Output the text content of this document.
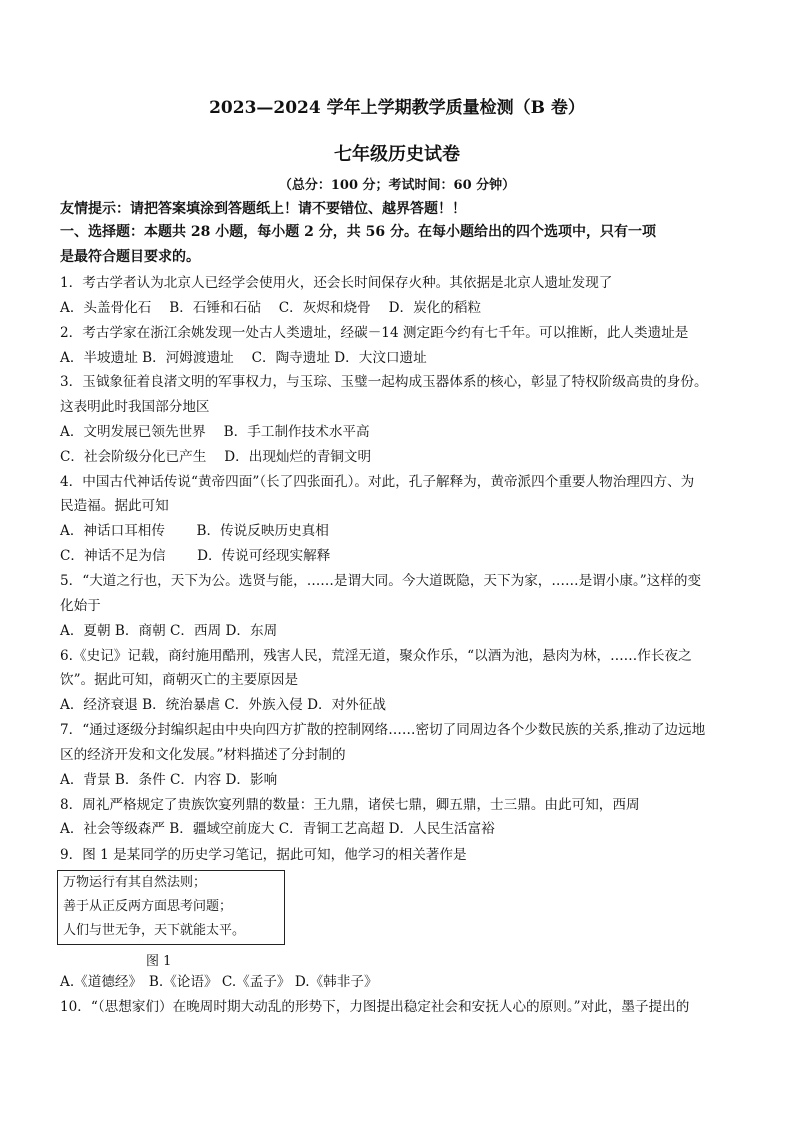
2023—2024 学年上学期教学质量检测（B 卷）
七年级历史试卷
（总分：100 分；考试时间：60 分钟）
友情提示：请把答案填涂到答题纸上！请不要错位、越界答题！！
一、选择题：本题共 28 小题，每小题 2 分，共 56 分。在每小题给出的四个选项中，只有一项
是最符合题目要求的。
1．考古学者认为北京人已经学会使用火，还会长时间保存火种。其依据是北京人遗址发现了
A．头盖骨化石　 B．石锤和石砧　 C．灰烬和烧骨　 D．炭化的稻粒
2．考古学家在浙江余姚发现一处古人类遗址，经碳－14 测定距今约有七千年。可以推断，此人类遗址是
A．半坡遗址 B．河姆渡遗址　 C．陶寺遗址 D．大汶口遗址
3．玉钺象征着良渚文明的军事权力，与玉琮、玉璧一起构成玉器体系的核心，彰显了特权阶级高贵的身份。
这表明此时我国部分地区
A．文明发展已领先世界　 B．手工制作技术水平高
C．社会阶级分化已产生　 D．出现灿烂的青铜文明
4．中国古代神话传说“黄帝四面”（长了四张面孔）。对此，孔子解释为，黄帝派四个重要人物治理四方、为
民造福。据此可知
A．神话口耳相传　　 B．传说反映历史真相
C．神话不足为信　　 D．传说可经现实解释
5．“大道之行也，天下为公。选贤与能，……是谓大同。今大道既隐，天下为家，……是谓小康。”这样的变
化始于
A．夏朝 B．商朝 C．西周 D．东周
6.《史记》记载，商纣施用酷刑，残害人民，荒淫无道，聚众作乐，“以酒为池，悬肉为林，……作长夜之
饮”。据此可知，商朝灭亡的主要原因是
A．经济衰退 B．统治暴虐 C．外族入侵 D．对外征战
7．“通过逐级分封编织起由中央向四方扩散的控制网络……密切了同周边各个少数民族的关系,推动了边远地
区的经济开发和文化发展。”材料描述了分封制的
A．背景 B．条件 C．内容 D．影响
8．周礼严格规定了贵族饮宴列鼎的数量：王九鼎，诸侯七鼎，卿五鼎，士三鼎。由此可知，西周
A．社会等级森严 B．疆域空前庞大 C．青铜工艺高超 D．人民生活富裕
9．图 1 是某同学的历史学习笔记，据此可知，他学习的相关著作是
万物运行有其自然法则；
善于从正反两方面思考问题；
人们与世无争，天下就能太平。
图 1
A.《道德经》　B.《论语》 C.《孟子》 D.《韩非子》
10．“（思想家们）在晚周时期大动乱的形势下，力图提出稳定社会和安抚人心的原则。”对此，墨子提出的
